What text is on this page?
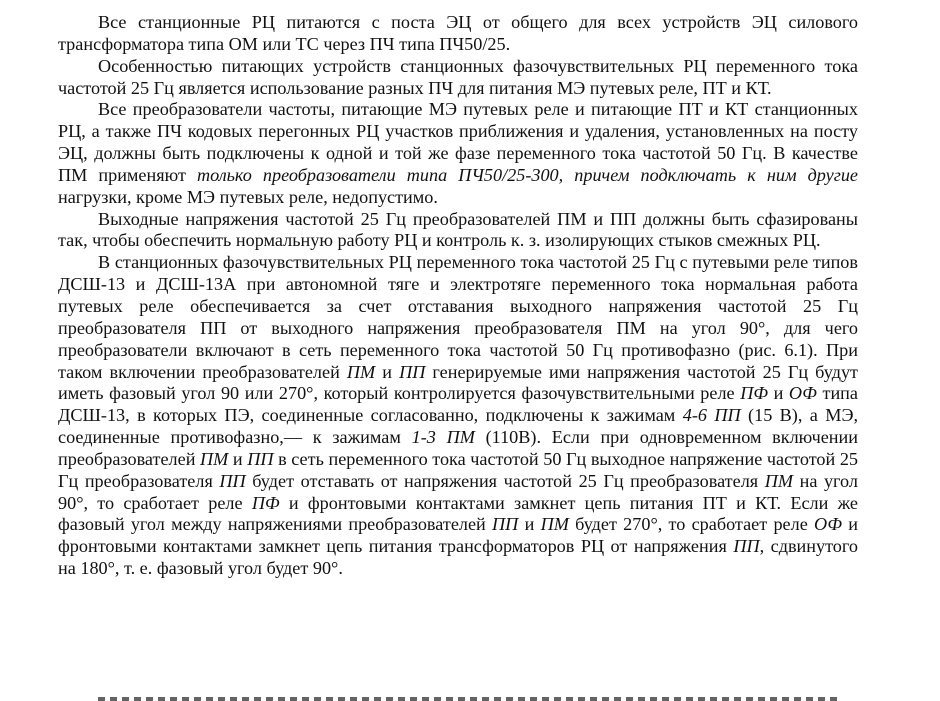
Все станционные РЦ питаются с поста ЭЦ от общего для всех устройств ЭЦ силового трансформатора типа ОМ или ТС через ПЧ типа ПЧ50/25.

Особенностью питающих устройств станционных фазочувствительных РЦ переменного тока частотой 25 Гц является использование разных ПЧ для питания МЭ путевых реле, ПТ и КТ.

Все преобразователи частоты, питающие МЭ путевых реле и питающие ПТ и КТ станционных РЦ, а также ПЧ кодовых перегонных РЦ участков приближения и удаления, установленных на посту ЭЦ, должны быть подключены к одной и той же фазе переменного тока частотой 50 Гц. В качестве ПМ применяют только преобразователи типа ПЧ50/25-300, причем подключать к ним другие нагрузки, кроме МЭ путевых реле, недопустимо.

Выходные напряжения частотой 25 Гц преобразователей ПМ и ПП должны быть сфазированы так, чтобы обеспечить нормальную работу РЦ и контроль к. з. изолирующих стыков смежных РЦ.

В станционных фазочувствительных РЦ переменного тока частотой 25 Гц с путевыми реле типов ДСШ-13 и ДСШ-13А при автономной тяге и электротяге переменного тока нормальная работа путевых реле обеспечивается за счет отставания выходного напряжения частотой 25 Гц преобразователя ПП от выходного напряжения преобразователя ПМ на угол 90°, для чего преобразователи включают в сеть переменного тока частотой 50 Гц противофазно (рис. 6.1). При таком включении преобразователей ПМ и ПП генерируемые ими напряжения частотой 25 Гц будут иметь фазовый угол 90 или 270°, который контролируется фазочувствительными реле ПФ и ОФ типа ДСШ-13, в которых ПЭ, соединенные согласованно, подключены к зажимам 4-6 ПП (15 В), а МЭ, соединенные противофазно,— к зажимам 1-3 ПМ (110В). Если при одновременном включении преобразователей ПМ и ПП в сеть переменного тока частотой 50 Гц выходное напряжение частотой 25 Гц преобразователя ПП будет отставать от напряжения частотой 25 Гц преобразователя ПМ на угол 90°, то сработает реле ПФ и фронтовыми контактами замкнет цепь питания ПТ и КТ. Если же фазовый угол между напряжениями преобразователей ПП и ПМ будет 270°, то сработает реле ОФ и фронтовыми контактами замкнет цепь питания трансформаторов РЦ от напряжения ПП, сдвинутого на 180°, т. е. фазовый угол будет 90°.
